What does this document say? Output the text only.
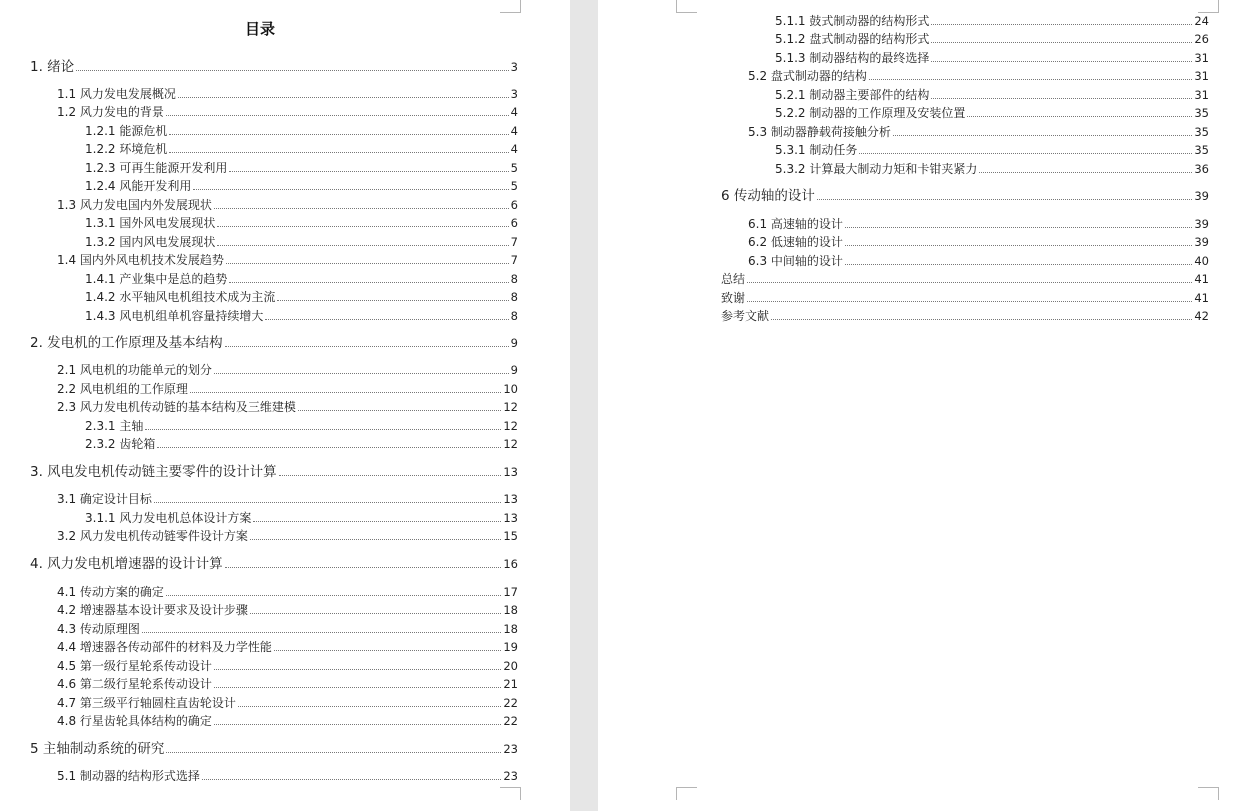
目录
1. 绪论	3
1.1 风力发电发展概况	3
1.2 风力发电的背景	4
1.2.1 能源危机	4
1.2.2 环境危机	4
1.2.3 可再生能源开发利用	5
1.2.4 风能开发利用	5
1.3 风力发电国内外发展现状	6
1.3.1 国外风电发展现状	6
1.3.2 国内风电发展现状	7
1.4 国内外风电机技术发展趋势	7
1.4.1 产业集中是总的趋势	8
1.4.2 水平轴风电机组技术成为主流	8
1.4.3 风电机组单机容量持续增大	8
2. 发电机的工作原理及基本结构	9
2.1 风电机的功能单元的划分	9
2.2 风电机组的工作原理	10
2.3 风力发电机传动链的基本结构及三维建模	12
2.3.1 主轴	12
2.3.2 齿轮箱	12
3. 风电发电机传动链主要零件的设计计算	13
3.1 确定设计目标	13
3.1.1 风力发电机总体设计方案	13
3.2 风力发电机传动链零件设计方案	15
4. 风力发电机增速器的设计计算	16
4.1 传动方案的确定	17
4.2 增速器基本设计要求及设计步骤	18
4.3 传动原理图	18
4.4 增速器各传动部件的材料及力学性能	19
4.5 第一级行星轮系传动设计	20
4.6 第二级行星轮系传动设计	21
4.7 第三级平行轴圆柱直齿轮设计	22
4.8 行星齿轮具体结构的确定	22
5 主轴制动系统的研究	23
5.1 制动器的结构形式选择	23
5.1.1 鼓式制动器的结构形式	24
5.1.2 盘式制动器的结构形式	26
5.1.3 制动器结构的最终选择	31
5.2 盘式制动器的结构	31
5.2.1 制动器主要部件的结构	31
5.2.2 制动器的工作原理及安装位置	35
5.3 制动器静载荷接触分析	35
5.3.1 制动任务	35
5.3.2 计算最大制动力矩和卡钳夹紧力	36
6 传动轴的设计	39
6.1 高速轴的设计	39
6.2 低速轴的设计	39
6.3 中间轴的设计	40
总结	41
致谢	41
参考文献	42
